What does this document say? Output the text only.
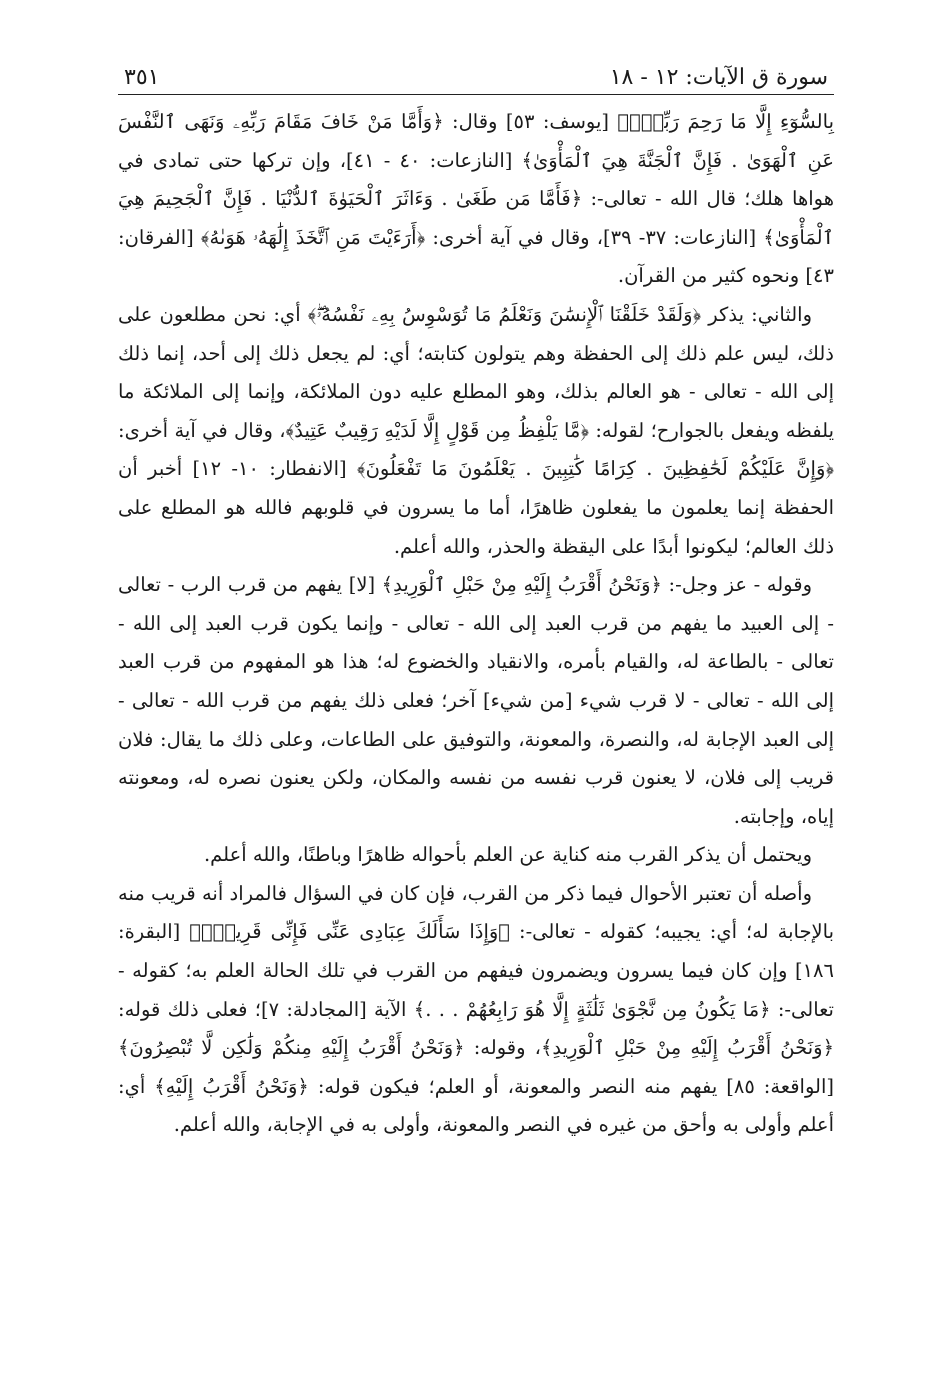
سورة ق الآيات: ١٢ - ١٨
٣٥١

بِالسُّوٓءِ إِلَّا مَا رَحِمَ رَبِّيٓۚ﴾ [يوسف: ٥٣] وقال: ﴿وَأَمَّا مَنْ خَافَ مَقَامَ رَبِّهِۦ وَنَهَى ٱلنَّفْسَ عَنِ ٱلْهَوَىٰ . فَإِنَّ ٱلْجَنَّةَ هِيَ ٱلْمَأْوَىٰ﴾ [النازعات: ٤٠ - ٤١]، وإن تركها حتى تمادى في هواها هلك؛ قال الله - تعالى-: ﴿فَأَمَّا مَن طَغَىٰ . وَءَاثَرَ ٱلْحَيَوٰةَ ٱلدُّنْيَا . فَإِنَّ ٱلْجَحِيمَ هِيَ ٱلْمَأْوَىٰ﴾ [النازعات: ٣٧- ٣٩]، وقال في آية أخرى: ﴿أَرَءَيْتَ مَنِ ٱتَّخَذَ إِلَٰهَهُۥ هَوَىٰهُ﴾ [الفرقان: ٤٣] ونحوه كثير من القرآن.

والثاني: يذكر ﴿وَلَقَدْ خَلَقْنَا ٱلْإِنسَٰنَ وَنَعْلَمُ مَا تُوَسْوِسُ بِهِۦ نَفْسُهُۥۖ﴾ أي: نحن مطلعون على ذلك، ليس علم ذلك إلى الحفظة وهم يتولون كتابته؛ أي: لم يجعل ذلك إلى أحد، إنما ذلك إلى الله - تعالى - هو العالم بذلك، وهو المطلع عليه دون الملائكة، وإنما إلى الملائكة ما يلفظه ويفعل بالجوارح؛ لقوله: ﴿مَّا يَلْفِظُ مِن قَوْلٍ إِلَّا لَدَيْهِ رَقِيبٌ عَتِيدٌ﴾، وقال في آية أخرى: ﴿وَإِنَّ عَلَيْكُمْ لَحَٰفِظِينَ . كِرَامًا كَٰتِبِينَ . يَعْلَمُونَ مَا تَفْعَلُونَ﴾ [الانفطار: ١٠- ١٢] أخبر أن الحفظة إنما يعلمون ما يفعلون ظاهرًا، أما ما يسرون في قلوبهم فالله هو المطلع على ذلك العالم؛ ليكونوا أبدًا على اليقظة والحذر، والله أعلم.

وقوله - عز وجل-: ﴿وَنَحْنُ أَقْرَبُ إِلَيْهِ مِنْ حَبْلِ ٱلْوَرِيدِ﴾ [لا] يفهم من قرب الرب - تعالى - إلى العبيد ما يفهم من قرب العبد إلى الله - تعالى - وإنما يكون قرب العبد إلى الله - تعالى - بالطاعة له، والقيام بأمره، والانقياد والخضوع له؛ هذا هو المفهوم من قرب العبد إلى الله - تعالى - لا قرب شيء [من شيء] آخر؛ فعلى ذلك يفهم من قرب الله - تعالى - إلى العبد الإجابة له، والنصرة، والمعونة، والتوفيق على الطاعات، وعلى ذلك ما يقال: فلان قريب إلى فلان، لا يعنون قرب نفسه من نفسه والمكان، ولكن يعنون نصره له، ومعونته إياه، وإجابته.

ويحتمل أن يذكر القرب منه كناية عن العلم بأحواله ظاهرًا وباطنًا، والله أعلم.

وأصله أن تعتبر الأحوال فيما ذكر من القرب، فإن كان في السؤال فالمراد أنه قريب منه بالإجابة له؛ أي: يجيبه؛ كقوله - تعالى-: ﴿وَإِذَا سَأَلَكَ عِبَادِى عَنِّى فَإِنِّى قَرِيبٌۖ﴾ [البقرة: ١٨٦] وإن كان فيما يسرون ويضمرون فيفهم من القرب في تلك الحالة العلم به؛ كقوله - تعالى-: ﴿مَا يَكُونُ مِن نَّجْوَىٰ ثَلَٰثَةٍ إِلَّا هُوَ رَابِعُهُمْ . . .﴾ الآية [المجادلة: ٧]؛ فعلى ذلك قوله: ﴿وَنَحْنُ أَقْرَبُ إِلَيْهِ مِنْ حَبْلِ ٱلْوَرِيدِ﴾، وقوله: ﴿وَنَحْنُ أَقْرَبُ إِلَيْهِ مِنكُمْ وَلَٰكِن لَّا تُبْصِرُونَ﴾ [الواقعة: ٨٥] يفهم منه النصر والمعونة، أو العلم؛ فيكون قوله: ﴿وَنَحْنُ أَقْرَبُ إِلَيْهِ﴾ أي: أعلم وأولى به وأحق من غيره في النصر والمعونة، وأولى به في الإجابة، والله أعلم.
